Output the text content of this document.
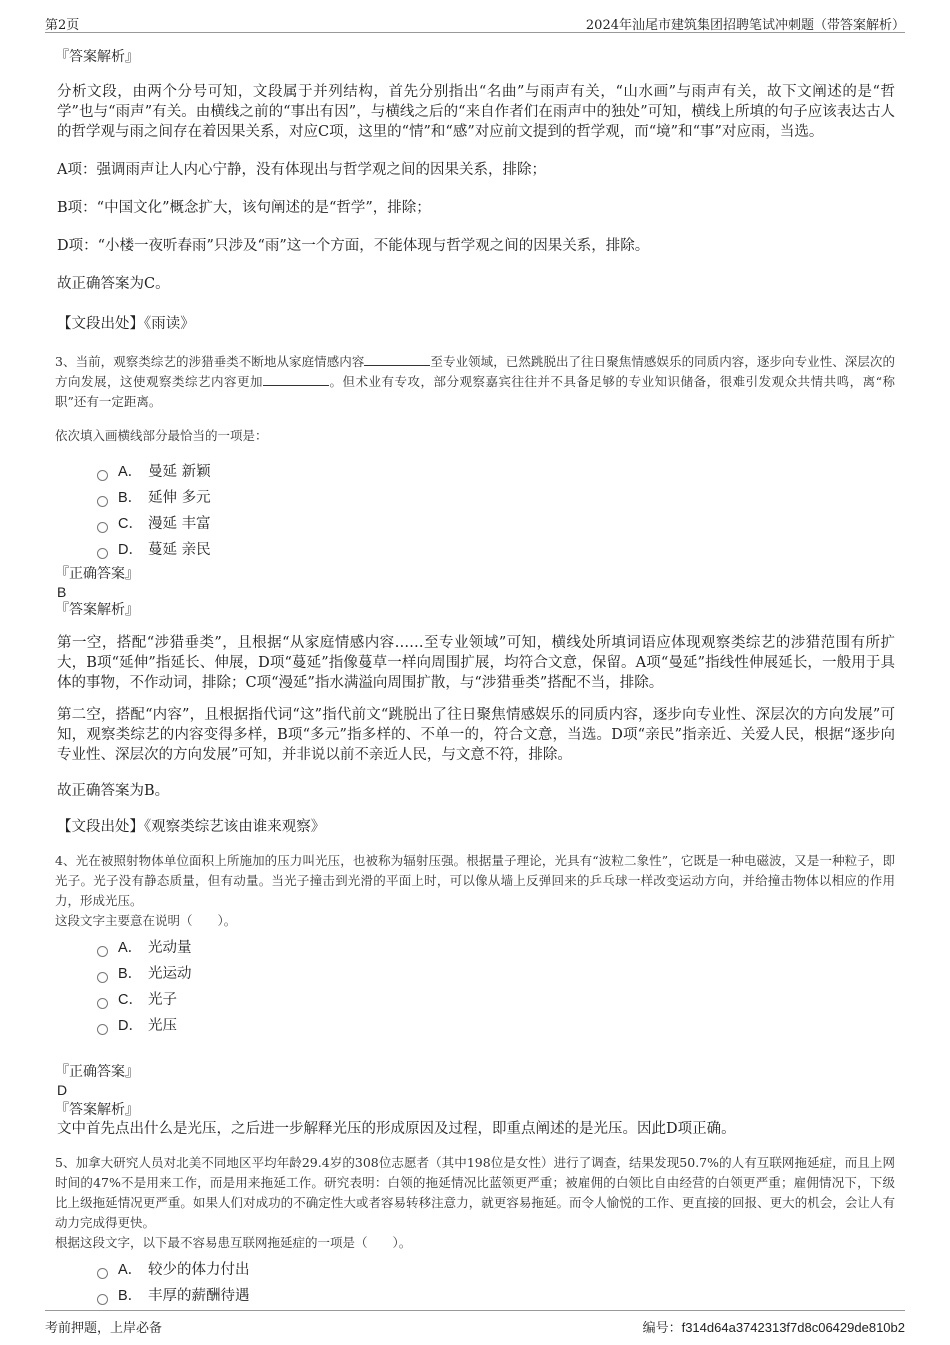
第2页	2024年汕尾市建筑集团招聘笔试冲刺题（带答案解析）
『答案解析』

分析文段，由两个分号可知，文段属于并列结构，首先分别指出“名曲”与雨声有关，“山水画”与雨声有关，故下文阐述的是“哲学”也与“雨声”有关。由横线之前的“事出有因”，与横线之后的“来自作者们在雨声中的独处”可知，横线上所填的句子应该表达古人的哲学观与雨之间存在着因果关系，对应C项，这里的“情”和“感”对应前文提到的哲学观，而“境”和“事”对应雨，当选。

A项：强调雨声让人内心宁静，没有体现出与哲学观之间的因果关系，排除；

B项：“中国文化”概念扩大，该句阐述的是“哲学”，排除；

D项：“小楼一夜听春雨”只涉及“雨”这一个方面，不能体现与哲学观之间的因果关系，排除。

故正确答案为C。

【文段出处】《雨读》

3、当前，观察类综艺的涉猎垂类不断地从家庭情感内容	至专业领域，已然跳脱出了往日聚焦情感娱乐的同质内容，逐步向专业性、深层次的方向发展，这使观察类综艺内容更加	。但术业有专攻，部分观察嘉宾往往并不具备足够的专业知识储备，很难引发观众共情共鸣，离“称职”还有一定距离。

依次填入画横线部分最恰当的一项是：

A． 曼延 新颖
B． 延伸 多元
C． 漫延 丰富
D． 蔓延 亲民
『正确答案』
B
『答案解析』

第一空，搭配“涉猎垂类”，且根据“从家庭情感内容……至专业领域”可知，横线处所填词语应体现观察类综艺的涉猎范围有所扩大，B项“延伸”指延长、伸展，D项“蔓延”指像蔓草一样向周围扩展，均符合文意，保留。A项“曼延”指线性伸展延长，一般用于具体的事物，不作动词，排除；C项“漫延”指水满溢向周围扩散，与“涉猎垂类”搭配不当，排除。

第二空，搭配“内容”，且根据指代词“这”指代前文“跳脱出了往日聚焦情感娱乐的同质内容，逐步向专业性、深层次的方向发展”可知，观察类综艺的内容变得多样，B项“多元”指多样的、不单一的，符合文意，当选。D项“亲民”指亲近、关爱人民，根据“逐步向专业性、深层次的方向发展”可知，并非说以前不亲近人民，与文意不符，排除。

故正确答案为B。

【文段出处】《观察类综艺该由谁来观察》

4、光在被照射物体单位面积上所施加的压力叫光压，也被称为辐射压强。根据量子理论，光具有“波粒二象性”，它既是一种电磁波，又是一种粒子，即光子。光子没有静态质量，但有动量。当光子撞击到光滑的平面上时，可以像从墙上反弹回来的乒乓球一样改变运动方向，并给撞击物体以相应的作用力，形成光压。

这段文字主要意在说明（　　）。

A． 光动量
B． 光运动
C． 光子
D． 光压
『正确答案』
D
『答案解析』

文中首先点出什么是光压，之后进一步解释光压的形成原因及过程，即重点阐述的是光压。因此D项正确。

5、加拿大研究人员对北美不同地区平均年龄29.4岁的308位志愿者（其中198位是女性）进行了调查，结果发现50.7%的人有互联网拖延症，而且上网时间的47%不是用来工作，而是用来拖延工作。研究表明：白领的拖延情况比蓝领更严重；被雇佣的白领比自由经营的白领更严重；雇佣情况下，下级比上级拖延情况更严重。如果人们对成功的不确定性大或者容易转移注意力，就更容易拖延。而令人愉悦的工作、更直接的回报、更大的机会，会让人有动力完成得更快。

根据这段文字，以下最不容易患互联网拖延症的一项是（　　）。

A． 较少的体力付出
B． 丰厚的薪酬待遇
考前押题，上岸必备	编号：f314d64a3742313f7d8c06429de810b2
